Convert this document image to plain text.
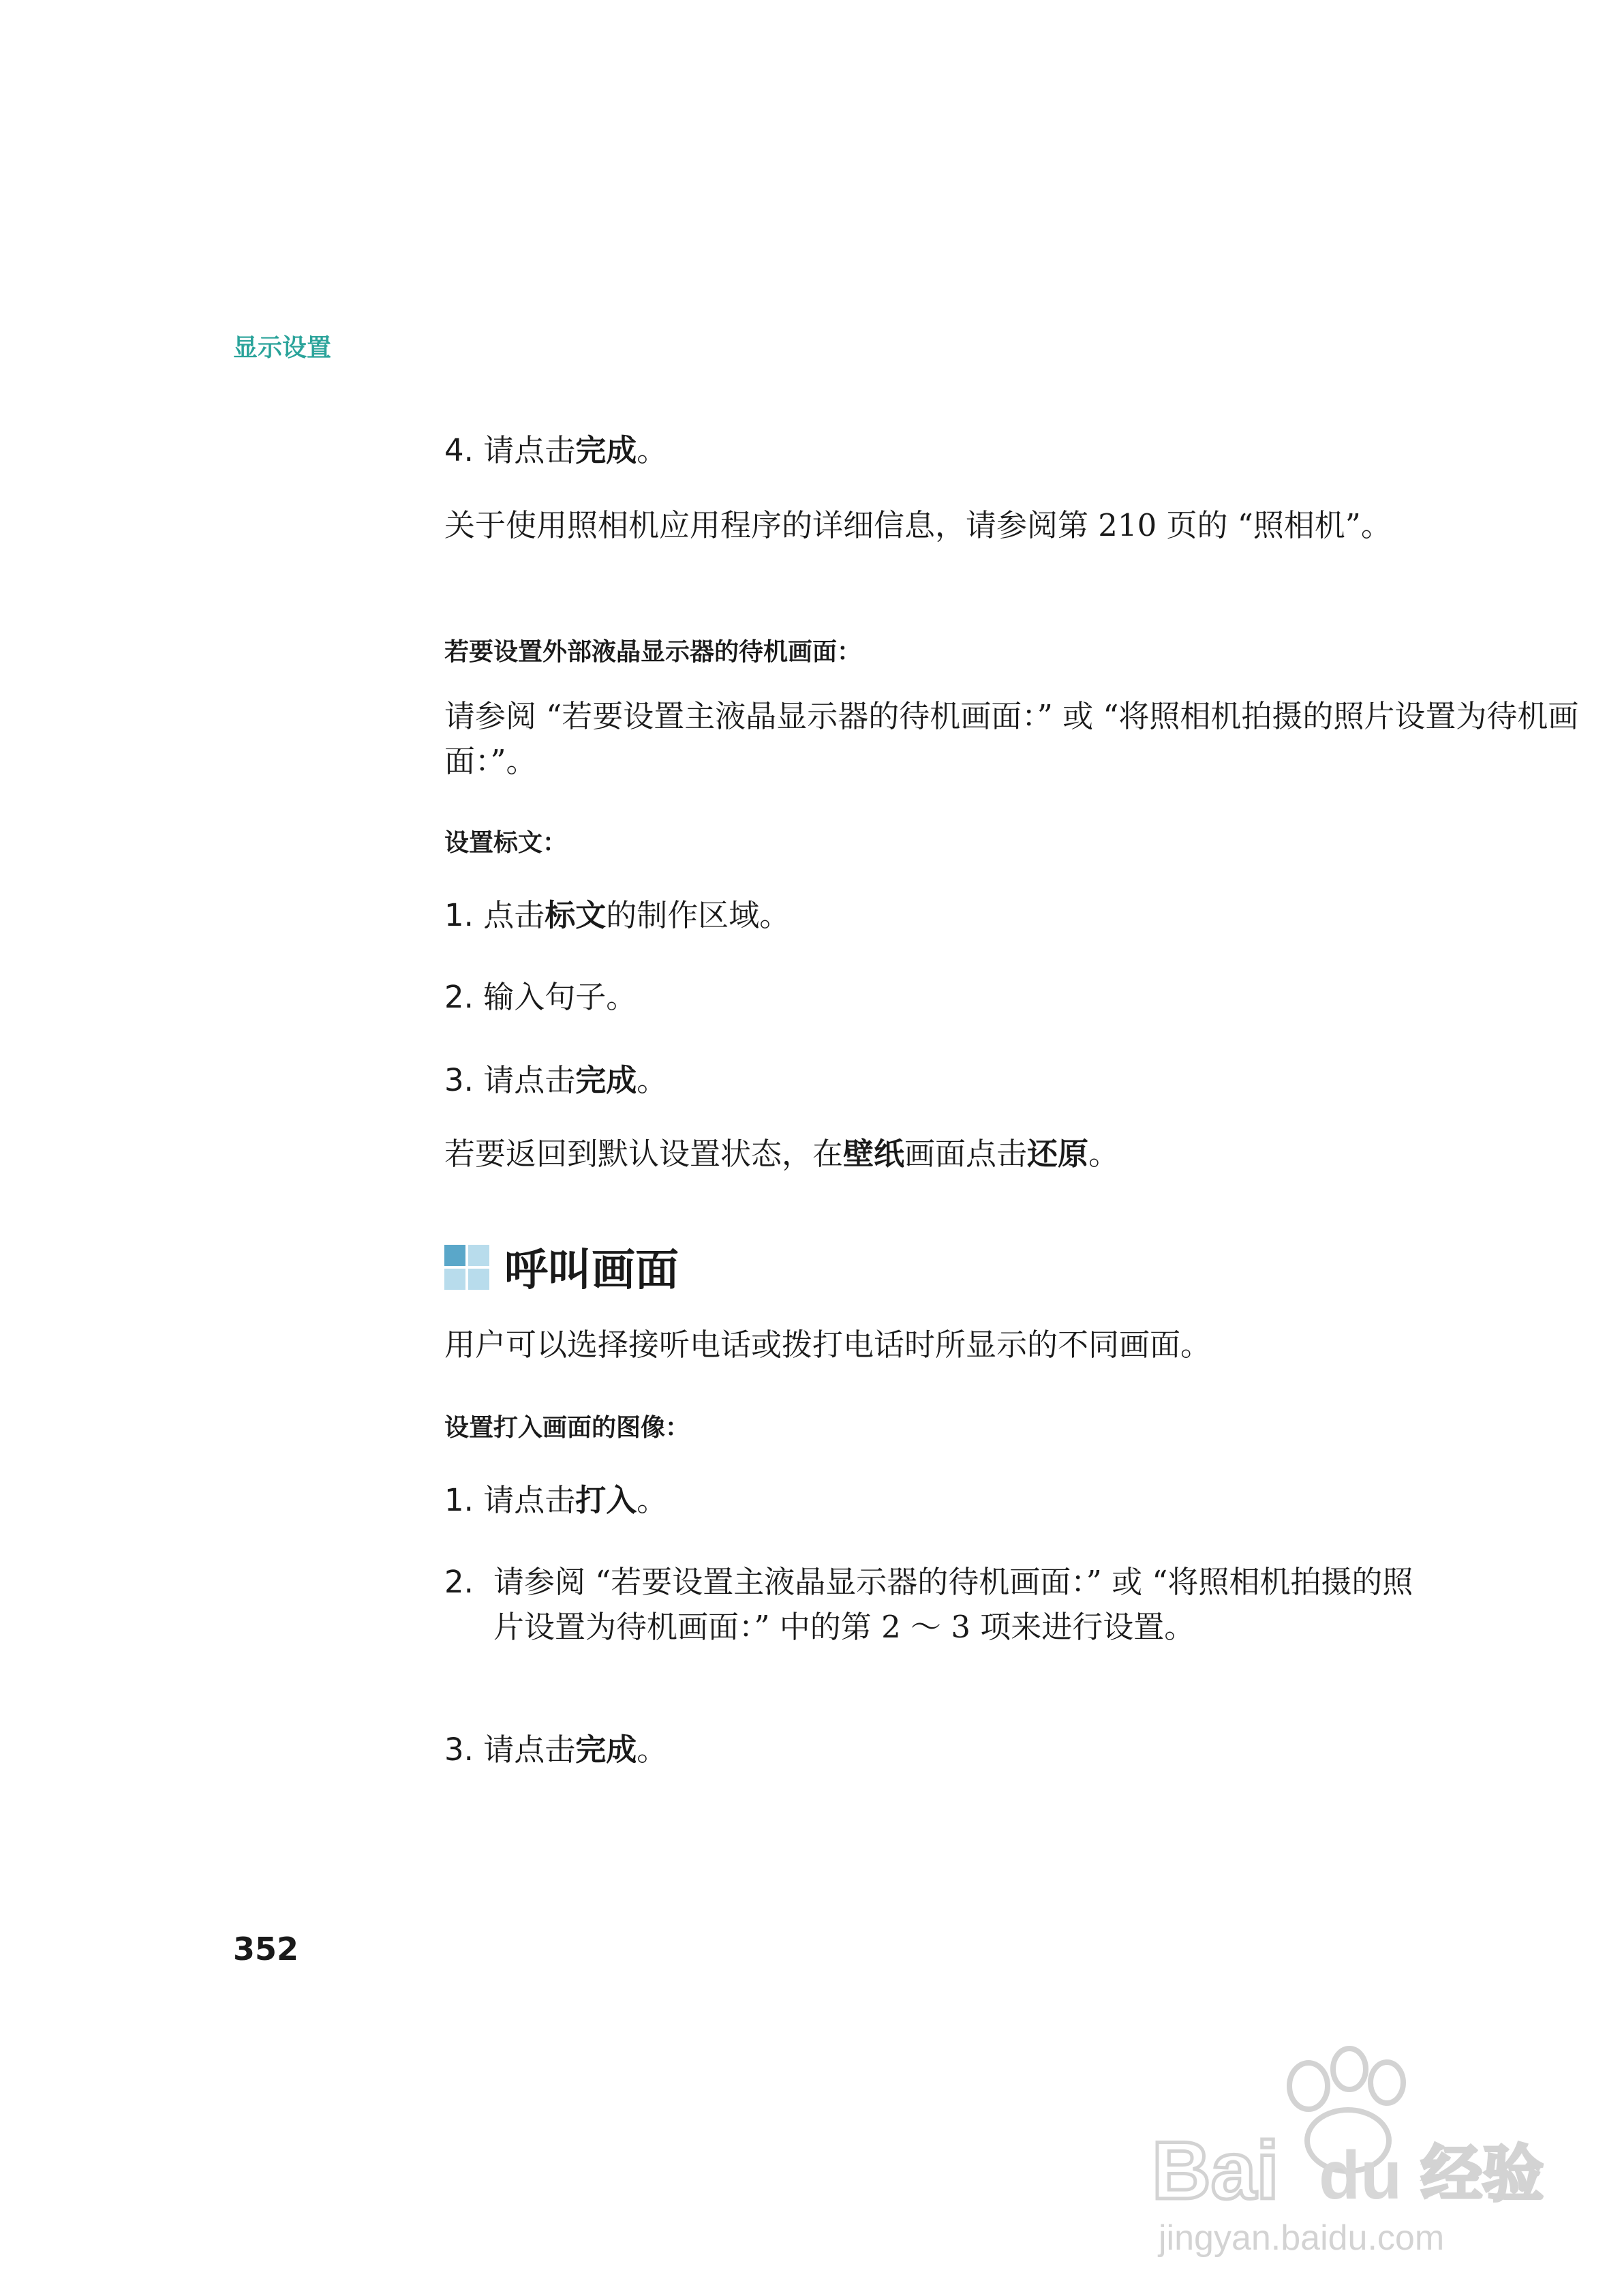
显示设置
4. 请点击完成。
关于使用照相机应用程序的详细信息，请参阅第 210 页的 “照相机”。
若要设置外部液晶显示器的待机画面：
请参阅 “若要设置主液晶显示器的待机画面：” 或 “将照相机拍摄的照片设置为待机画面：”。
设置标文：
1. 点击标文的制作区域。
2. 输入句子。
3. 请点击完成。
若要返回到默认设置状态，在壁纸画面点击还原。
呼叫画面
用户可以选择接听电话或拨打电话时所显示的不同画面。
设置打入画面的图像：
1. 请点击打入。
2. 请参阅 “若要设置主液晶显示器的待机画面：” 或 “将照相机拍摄的照片设置为待机画面：” 中的第 2 ～ 3 项来进行设置。
3. 请点击完成。
352
Bai du 经验
jingyan.baidu.com
